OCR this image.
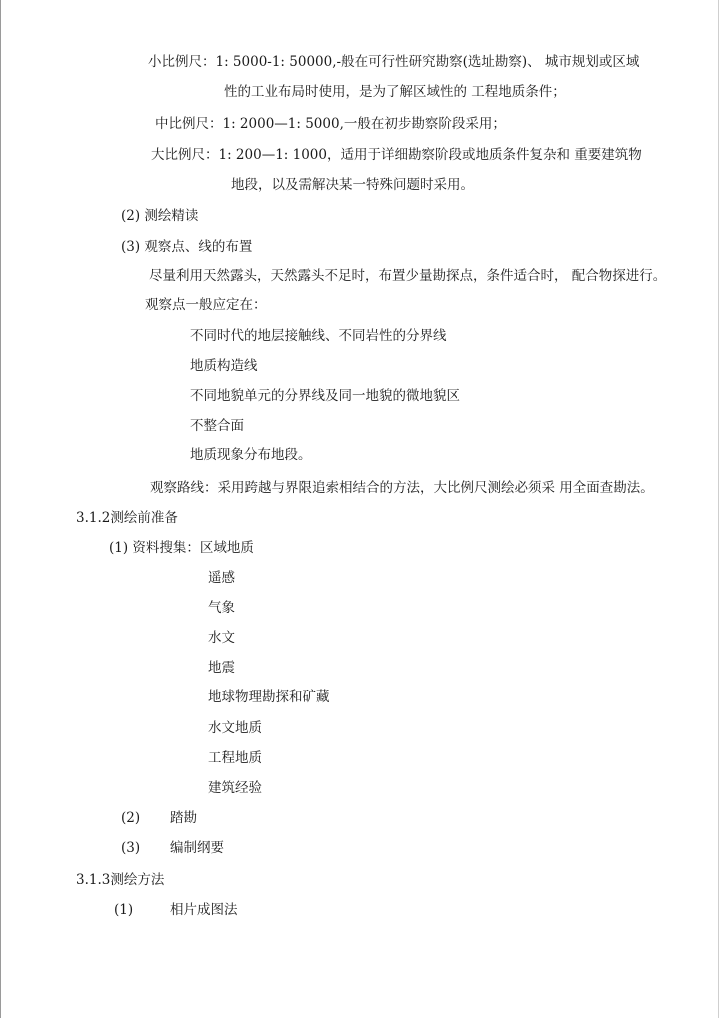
小比例尺：1: 5000-1: 50000,-般在可行性研究勘察(选址勘察)、 城市规划或区域
性的工业布局时使用，是为了解区域性的 工程地质条件；
中比例尺：1: 2000—1: 5000,一般在初步勘察阶段采用；
大比例尺：1: 200—1: 1000，适用于详细勘察阶段或地质条件复杂和 重要建筑物
地段，以及需解决某一特殊问题时采用。
(2) 测绘精读
(3) 观察点、线的布置
尽量利用天然露头，天然露头不足时，布置少量勘探点，条件适合时， 配合物探进行。
观察点一般应定在：
不同时代的地层接触线、不同岩性的分界线
地质构造线
不同地貌单元的分界线及同一地貌的微地貌区
不整合面
地质现象分布地段。
观察路线：采用跨越与界限追索相结合的方法，大比例尺测绘必须采 用全面查勘法。
3.1.2测绘前准备
(1) 资料搜集：区域地质
遥感
气象
水文
地震
地球物理勘探和矿藏
水文地质
工程地质
建筑经验
(2) 踏勘
(3) 编制纲要
3.1.3测绘方法
(1)	相片成图法
